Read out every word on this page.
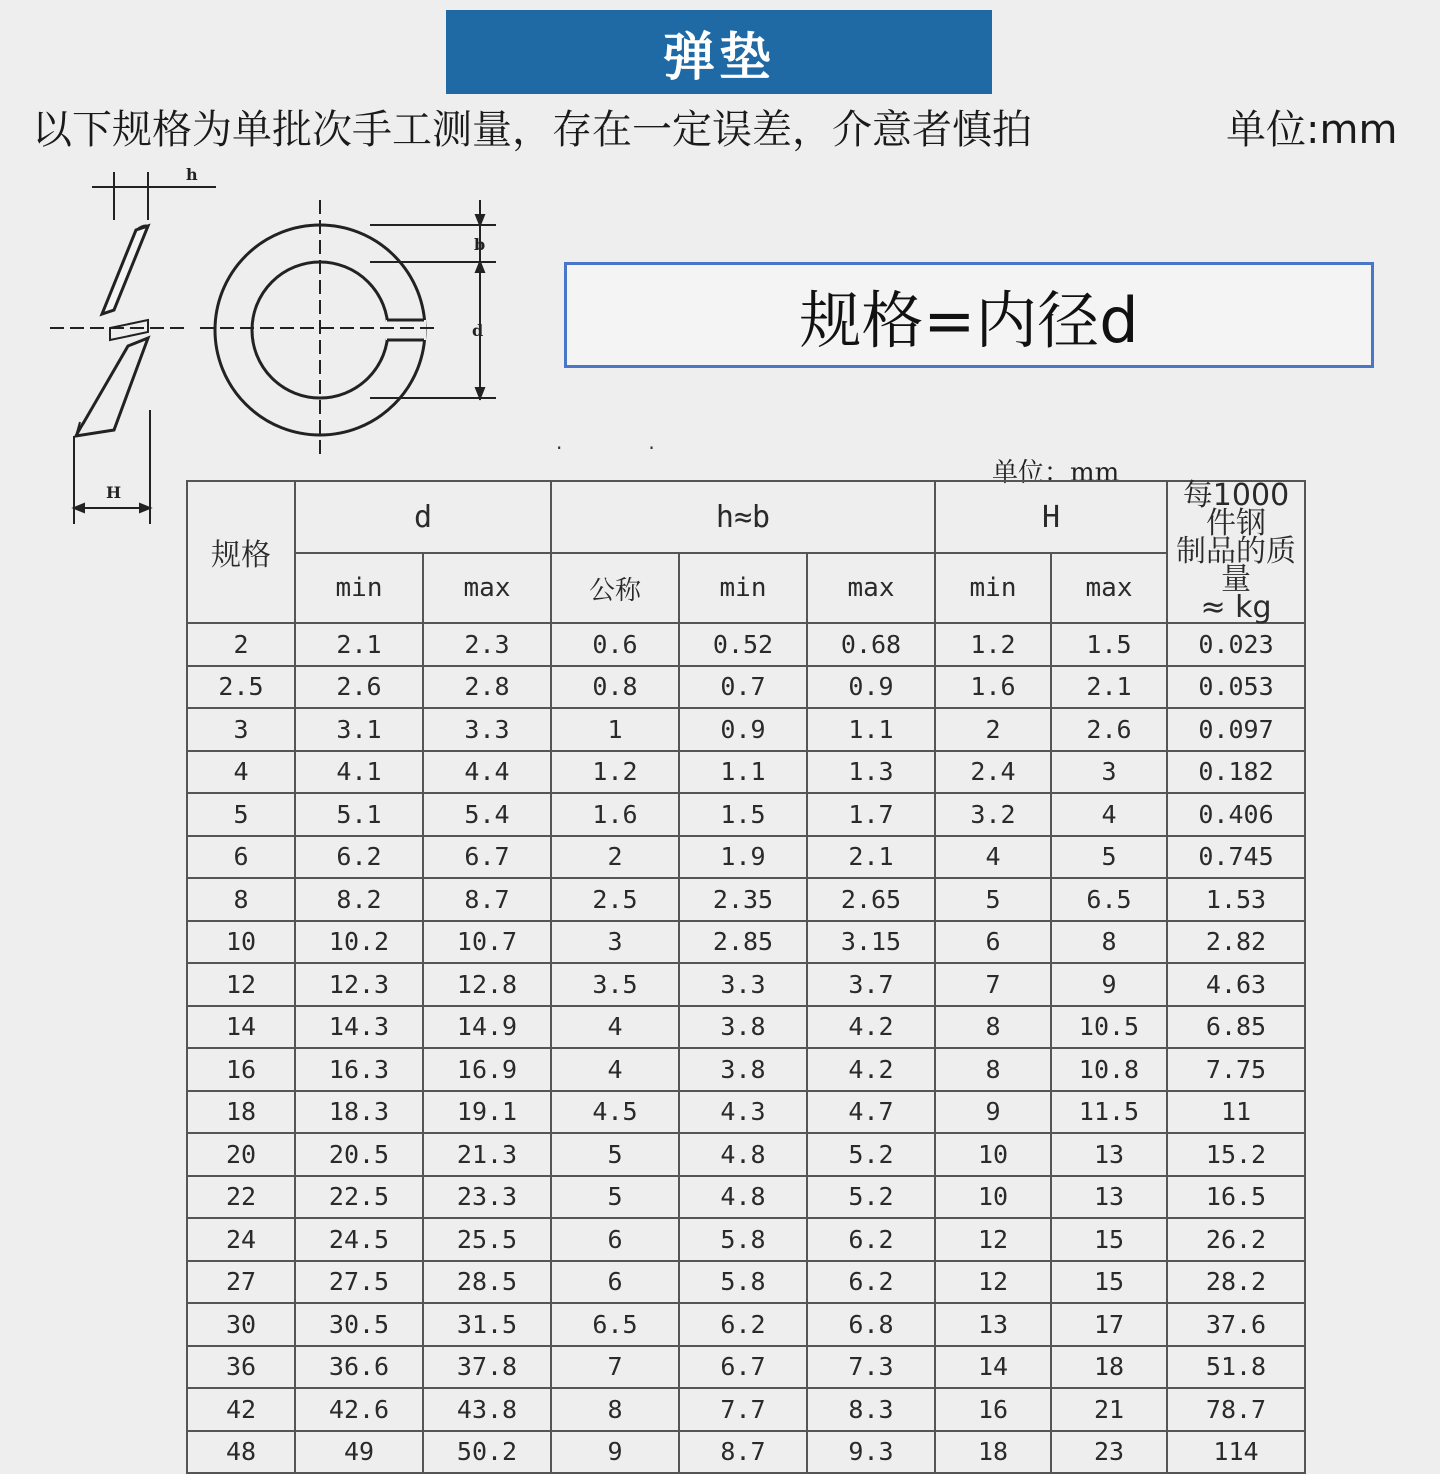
弹垫
以下规格为单批次手工测量，存在一定误差，介意者慎拍	单位:mm
h
b
d
H
规格=内径d
··
单位：mm
规格	d		h≈b			H		每1000件钢
制品的质量
≈ kg

	min	max	公称	min	max	min	max	
2	2.1	2.3	0.6	0.52	0.68	1.2	1.5	0.023
2.5	2.6	2.8	0.8	0.7	0.9	1.6	2.1	0.053
3	3.1	3.3	1	0.9	1.1	2	2.6	0.097
4	4.1	4.4	1.2	1.1	1.3	2.4	3	0.182
5	5.1	5.4	1.6	1.5	1.7	3.2	4	0.406
6	6.2	6.7	2	1.9	2.1	4	5	0.745
8	8.2	8.7	2.5	2.35	2.65	5	6.5	1.53
10	10.2	10.7	3	2.85	3.15	6	8	2.82
12	12.3	12.8	3.5	3.3	3.7	7	9	4.63
14	14.3	14.9	4	3.8	4.2	8	10.5	6.85
16	16.3	16.9	4	3.8	4.2	8	10.8	7.75
18	18.3	19.1	4.5	4.3	4.7	9	11.5	11
20	20.5	21.3	5	4.8	5.2	10	13	15.2
22	22.5	23.3	5	4.8	5.2	10	13	16.5
24	24.5	25.5	6	5.8	6.2	12	15	26.2
27	27.5	28.5	6	5.8	6.2	12	15	28.2
30	30.5	31.5	6.5	6.2	6.8	13	17	37.6
36	36.6	37.8	7	6.7	7.3	14	18	51.8
42	42.6	43.8	8	7.7	8.3	16	21	78.7
48	49	50.2	9	8.7	9.3	18	23	114
